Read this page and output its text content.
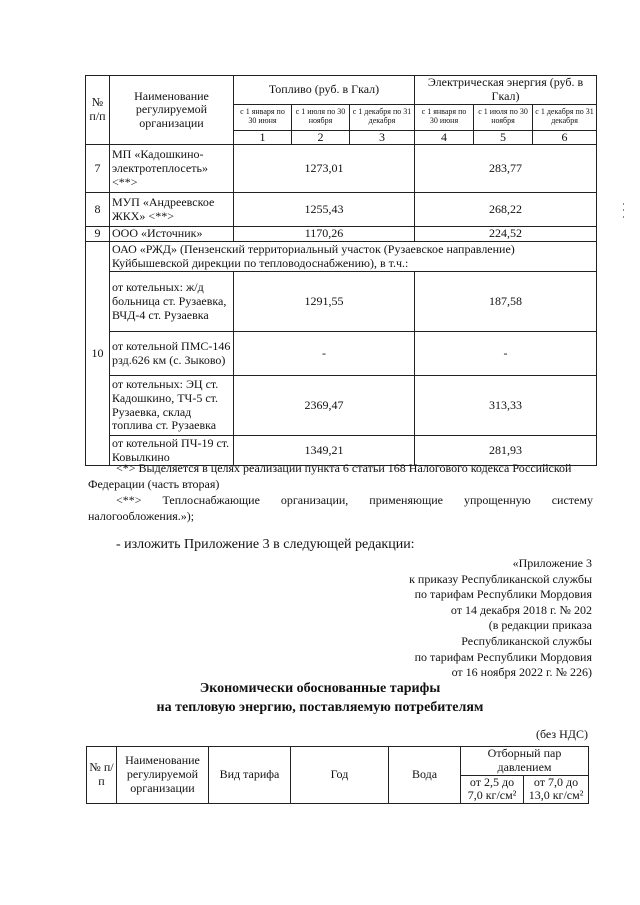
№ п/п	Наименование регулируемой организации	Топливо (руб. в Гкал)			Электрическая энергия (руб. в Гкал)			
		с 1 января по 30 июня	с 1 июля по 30 ноября	с 1 декабря по 31 декабря	с 1 января по 30 июня	с 1 июля по 30 ноября	с 1 декабря по 31 декабря	
		1	2	3	4	5	6		
7	МП «Кадошкино-электротеплосеть» <**>	1273,01			283,77			
8	МУП «Андреевское ЖКХ» <**>	1255,43			268,22			
9	ООО «Источник»	1170,26			224,52			
10	ОАО «РЖД» (Пензенский территориальный участок (Рузаевское направление) Куйбышевской дирекции по тепловодоснабжению), в т.ч.:							
	от котельных: ж/д больница ст. Рузаевка, ВЧД-4 ст. Рузаевка	1291,55			187,58			
	от котельной ПМС-146 рзд.626 км (с. Зыково)	-			-			
	от котельных: ЭЦ ст. Кадошкино, ТЧ-5 ст. Рузаевка, склад топлива ст. Рузаевка	2369,47			313,33			
	от котельной ПЧ-19 ст. Ковылкино	1349,21			281,93			
<*> Выделяется в целях реализации пункта 6 статьи 168 Налогового кодекса Российской Федерации (часть вторая)
<**> Теплоснабжающие организации, применяющие упрощенную систему
налогообложения.»);
- изложить Приложение 3 в следующей редакции:
«Приложение 3
к приказу Республиканской службы
по тарифам Республики Мордовия
от 14 декабря 2018 г. № 202
(в редакции приказа
Республиканской службы
по тарифам Республики Мордовия
от 16 ноября 2022 г. № 226)
Экономически обоснованные тарифы
на тепловую энергию, поставляемую потребителям
(без НДС)
№ п/п	Наименование регулируемой организации	Вид тарифа	Год	Вода	Отборный пар давлением	
					от 2,5 до 7,0 кг/см²	от 7,0 до 13,0 кг/см²
